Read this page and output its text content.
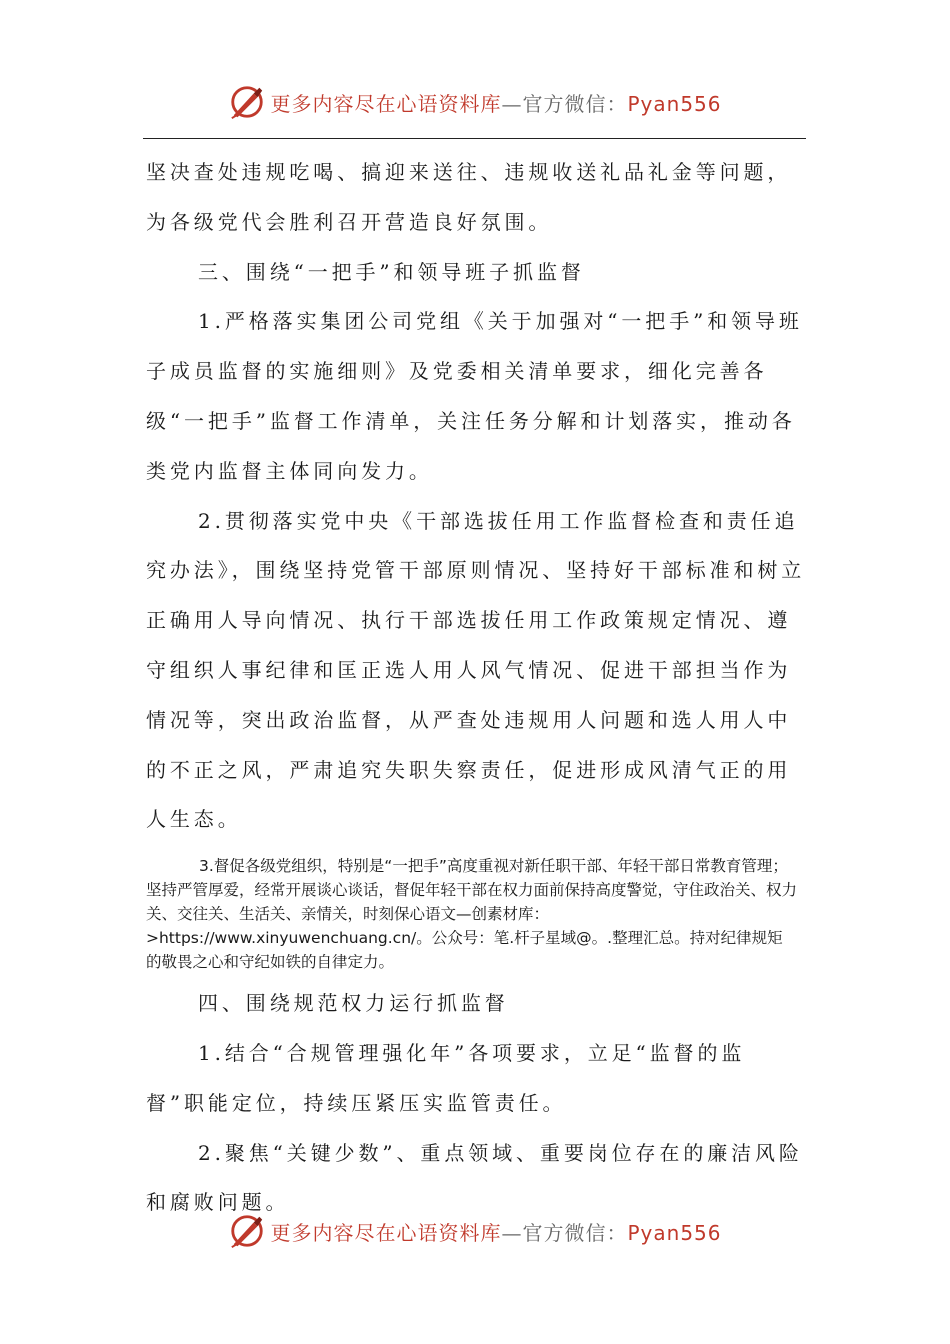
更多内容尽在心语资料库—官方微信：Pyan556

坚决查处违规吃喝、搞迎来送往、违规收送礼品礼金等问题，为各级党代会胜利召开营造良好氛围。

三、围绕“一把手”和领导班子抓监督

1.严格落实集团公司党组《关于加强对“一把手”和领导班子成员监督的实施细则》及党委相关清单要求，细化完善各级“一把手”监督工作清单，关注任务分解和计划落实，推动各类党内监督主体同向发力。

2.贯彻落实党中央《干部选拔任用工作监督检查和责任追究办法》，围绕坚持党管干部原则情况、坚持好干部标准和树立正确用人导向情况、执行干部选拔任用工作政策规定情况、遵守组织人事纪律和匡正选人用人风气情况、促进干部担当作为情况等，突出政治监督，从严查处违规用人问题和选人用人中的不正之风，严肃追究失职失察责任，促进形成风清气正的用人生态。

3.督促各级党组织，特别是“一把手”高度重视对新任职干部、年轻干部日常教育管理；坚持严管厚爱，经常开展谈心谈话，督促年轻干部在权力面前保持高度警觉，守住政治关、权力关、交往关、生活关、亲情关，时刻保心语文—创素材库：>https://www.xinyuwenchuang.cn/。公众号：笔.杆子星域@。.整理汇总。持对纪律规矩的敬畏之心和守纪如铁的自律定力。

四、围绕规范权力运行抓监督

1.结合“合规管理强化年”各项要求，立足“监督的监督”职能定位，持续压紧压实监管责任。

2.聚焦“关键少数”、重点领域、重要岗位存在的廉洁风险和腐败问题。

更多内容尽在心语资料库—官方微信：Pyan556
